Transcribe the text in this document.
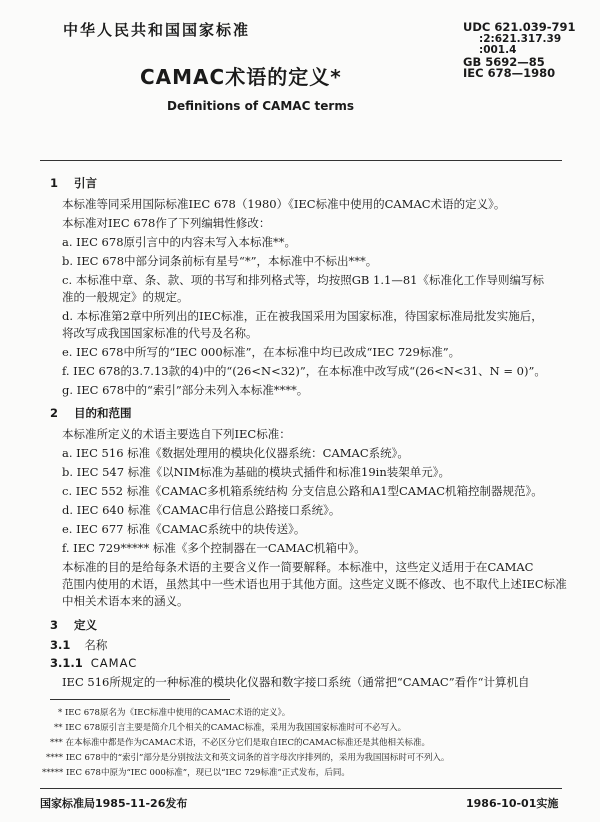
中华人民共和国国家标准	UDC 621.039-791
:2:621.317.39
:001.4
GB 5692—85
IEC 678—1980
CAMAC术语的定义*
Definitions of CAMAC terms
1 引言
本标准等同采用国际标准IEC 678（1980）《IEC标准中使用的CAMAC术语的定义》。
本标准对IEC 678作了下列编辑性修改：
a. IEC 678原引言中的内容未写入本标准**。
b. IEC 678中部分词条前标有星号“*”，本标准中不标出***。
c. 本标准中章、条、款、项的书写和排列格式等，均按照GB 1.1—81《标准化工作导则编写标
准的一般规定》的规定。
d. 本标准第2章中所列出的IEC标准，正在被我国采用为国家标准，待国家标准局批发实施后，
将改写成我国国家标准的代号及名称。
e. IEC 678中所写的“IEC 000标准”，在本标准中均已改成“IEC 729标准”。
f. IEC 678的3.7.13款的4)中的“(26<N<32)”，在本标准中改写成“(26<N<31、N = 0)”。
g. IEC 678中的“索引”部分未列入本标准****。
2 目的和范围
本标准所定义的术语主要选自下列IEC标准：
a. IEC 516 标准《数据处理用的模块化仪器系统：CAMAC系统》。
b. IEC 547 标准《以NIM标准为基础的模块式插件和标准19in装架单元》。
c. IEC 552 标准《CAMAC多机箱系统结构 分支信息公路和A1型CAMAC机箱控制器规范》。
d. IEC 640 标准《CAMAC串行信息公路接口系统》。
e. IEC 677 标准《CAMAC系统中的块传送》。
f. IEC 729***** 标准《多个控制器在一CAMAC机箱中》。
本标准的目的是给每条术语的主要含义作一简要解释。本标准中，这些定义适用于在CAMAC
范围内使用的术语，虽然其中一些术语也用于其他方面。这些定义既不修改、也不取代上述IEC标准
中相关术语本来的涵义。
3 定义
3.1 名称
3.1.1 CAMAC
IEC 516所规定的一种标准的模块化仪器和数字接口系统（通常把“CAMAC”看作“计算机自
* IEC 678原名为《IEC标准中使用的CAMAC术语的定义》。
** IEC 678原引言主要是简介几个相关的CAMAC标准，采用为我国国家标准时可不必写入。
*** 在本标准中都是作为CAMAC术语，不必区分它们是取自IEC的CAMAC标准还是其他相关标准。
**** IEC 678中的“索引”部分是分别按法文和英文词条的首字母次序排列的，采用为我国国标时可不列入。
***** IEC 678中原为“IEC 000标准”，现已以“IEC 729标准”正式发布，后同。
国家标准局1985-11-26发布	1986-10-01实施
